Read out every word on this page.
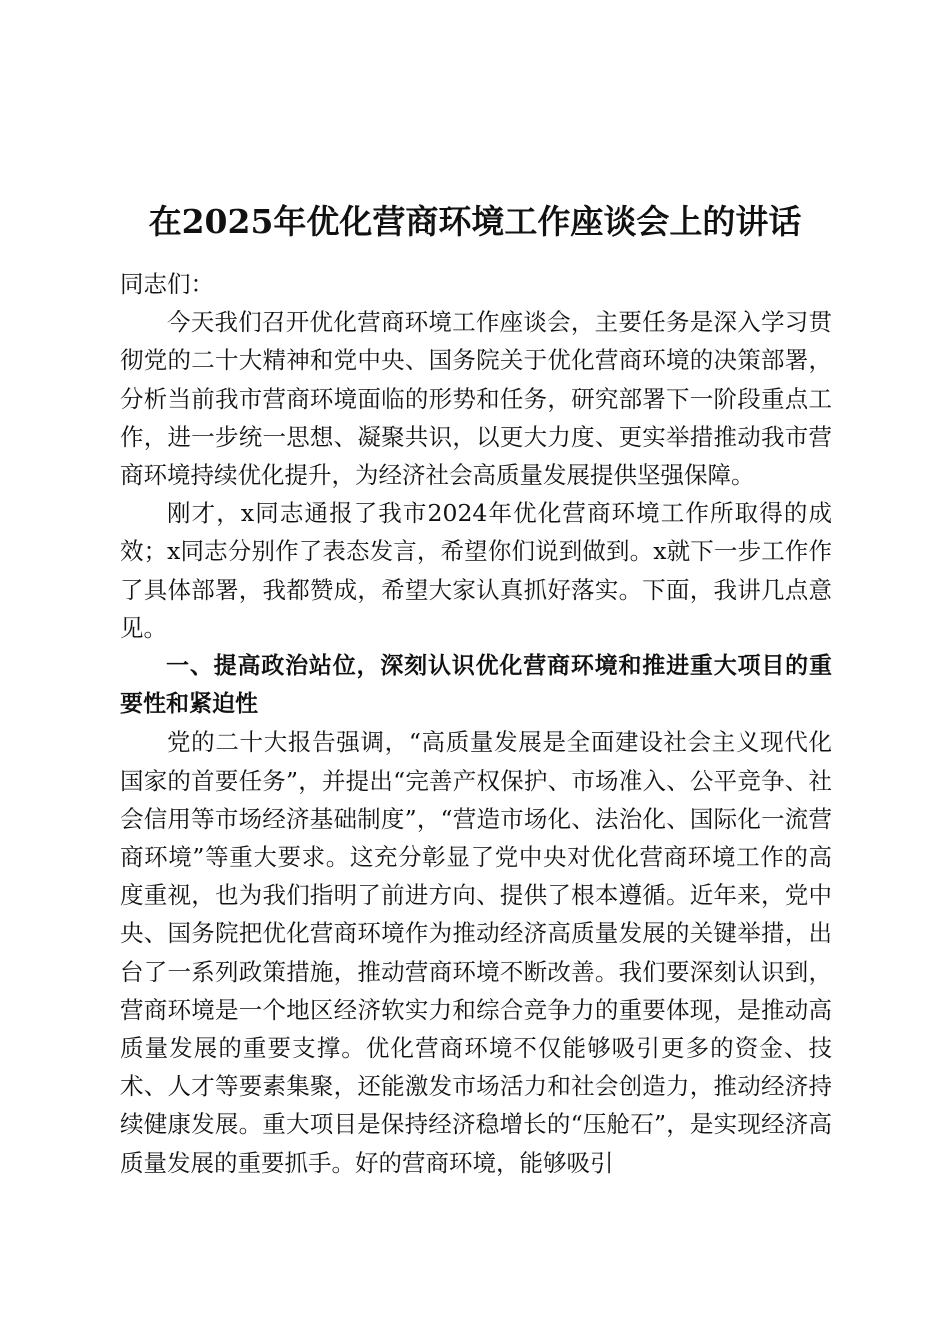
在2025年优化营商环境工作座谈会上的讲话

同志们：

今天我们召开优化营商环境工作座谈会，主要任务是深入学习贯彻党的二十大精神和党中央、国务院关于优化营商环境的决策部署，分析当前我市营商环境面临的形势和任务，研究部署下一阶段重点工作，进一步统一思想、凝聚共识，以更大力度、更实举措推动我市营商环境持续优化提升，为经济社会高质量发展提供坚强保障。

刚才，x同志通报了我市2024年优化营商环境工作所取得的成效；x同志分别作了表态发言，希望你们说到做到。x就下一步工作作了具体部署，我都赞成，希望大家认真抓好落实。下面，我讲几点意见。

一、提高政治站位，深刻认识优化营商环境和推进重大项目的重要性和紧迫性

党的二十大报告强调，“高质量发展是全面建设社会主义现代化国家的首要任务”，并提出“完善产权保护、市场准入、公平竞争、社会信用等市场经济基础制度”，“营造市场化、法治化、国际化一流营商环境”等重大要求。这充分彰显了党中央对优化营商环境工作的高度重视，也为我们指明了前进方向、提供了根本遵循。近年来，党中央、国务院把优化营商环境作为推动经济高质量发展的关键举措，出台了一系列政策措施，推动营商环境不断改善。我们要深刻认识到，营商环境是一个地区经济软实力和综合竞争力的重要体现，是推动高质量发展的重要支撑。优化营商环境不仅能够吸引更多的资金、技术、人才等要素集聚，还能激发市场活力和社会创造力，推动经济持续健康发展。重大项目是保持经济稳增长的“压舱石”，是实现经济高质量发展的重要抓手。好的营商环境，能够吸引
